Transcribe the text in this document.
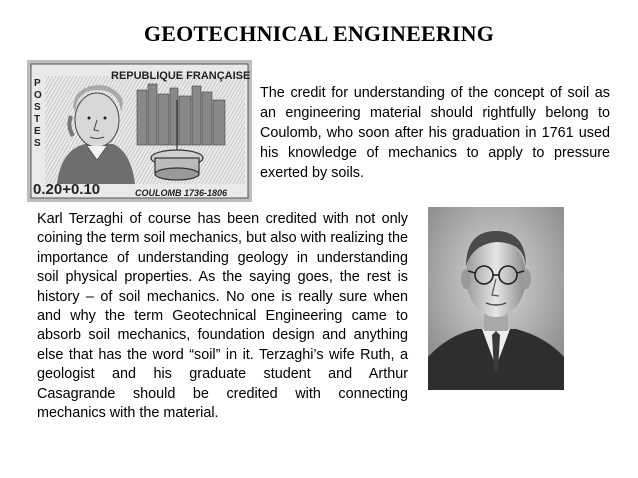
GEOTECHNICAL ENGINEERING
REPUBLIQUE FRANÇAISE
P
O
S
T
E
S
0.20+0.10	COULOMB 1736-1806
The credit for understanding of the concept of soil as an engineering material should rightfully belong to Coulomb, who soon after his graduation in 1761 used his knowledge of mechanics to apply to pressure exerted by soils.
Karl Terzaghi of course has been credited with not only coining the term soil mechanics, but also with realizing the importance of understanding geology in understanding soil physical properties. As the saying goes, the rest is history – of soil mechanics. No one is really sure when and why the term Geotechnical Engineering came to absorb soil mechanics, foundation design and anything else that has the word “soil” in it. Terzaghi’s wife Ruth, a geologist and his graduate student and Arthur Casagrande should be credited with connecting mechanics with the material.
